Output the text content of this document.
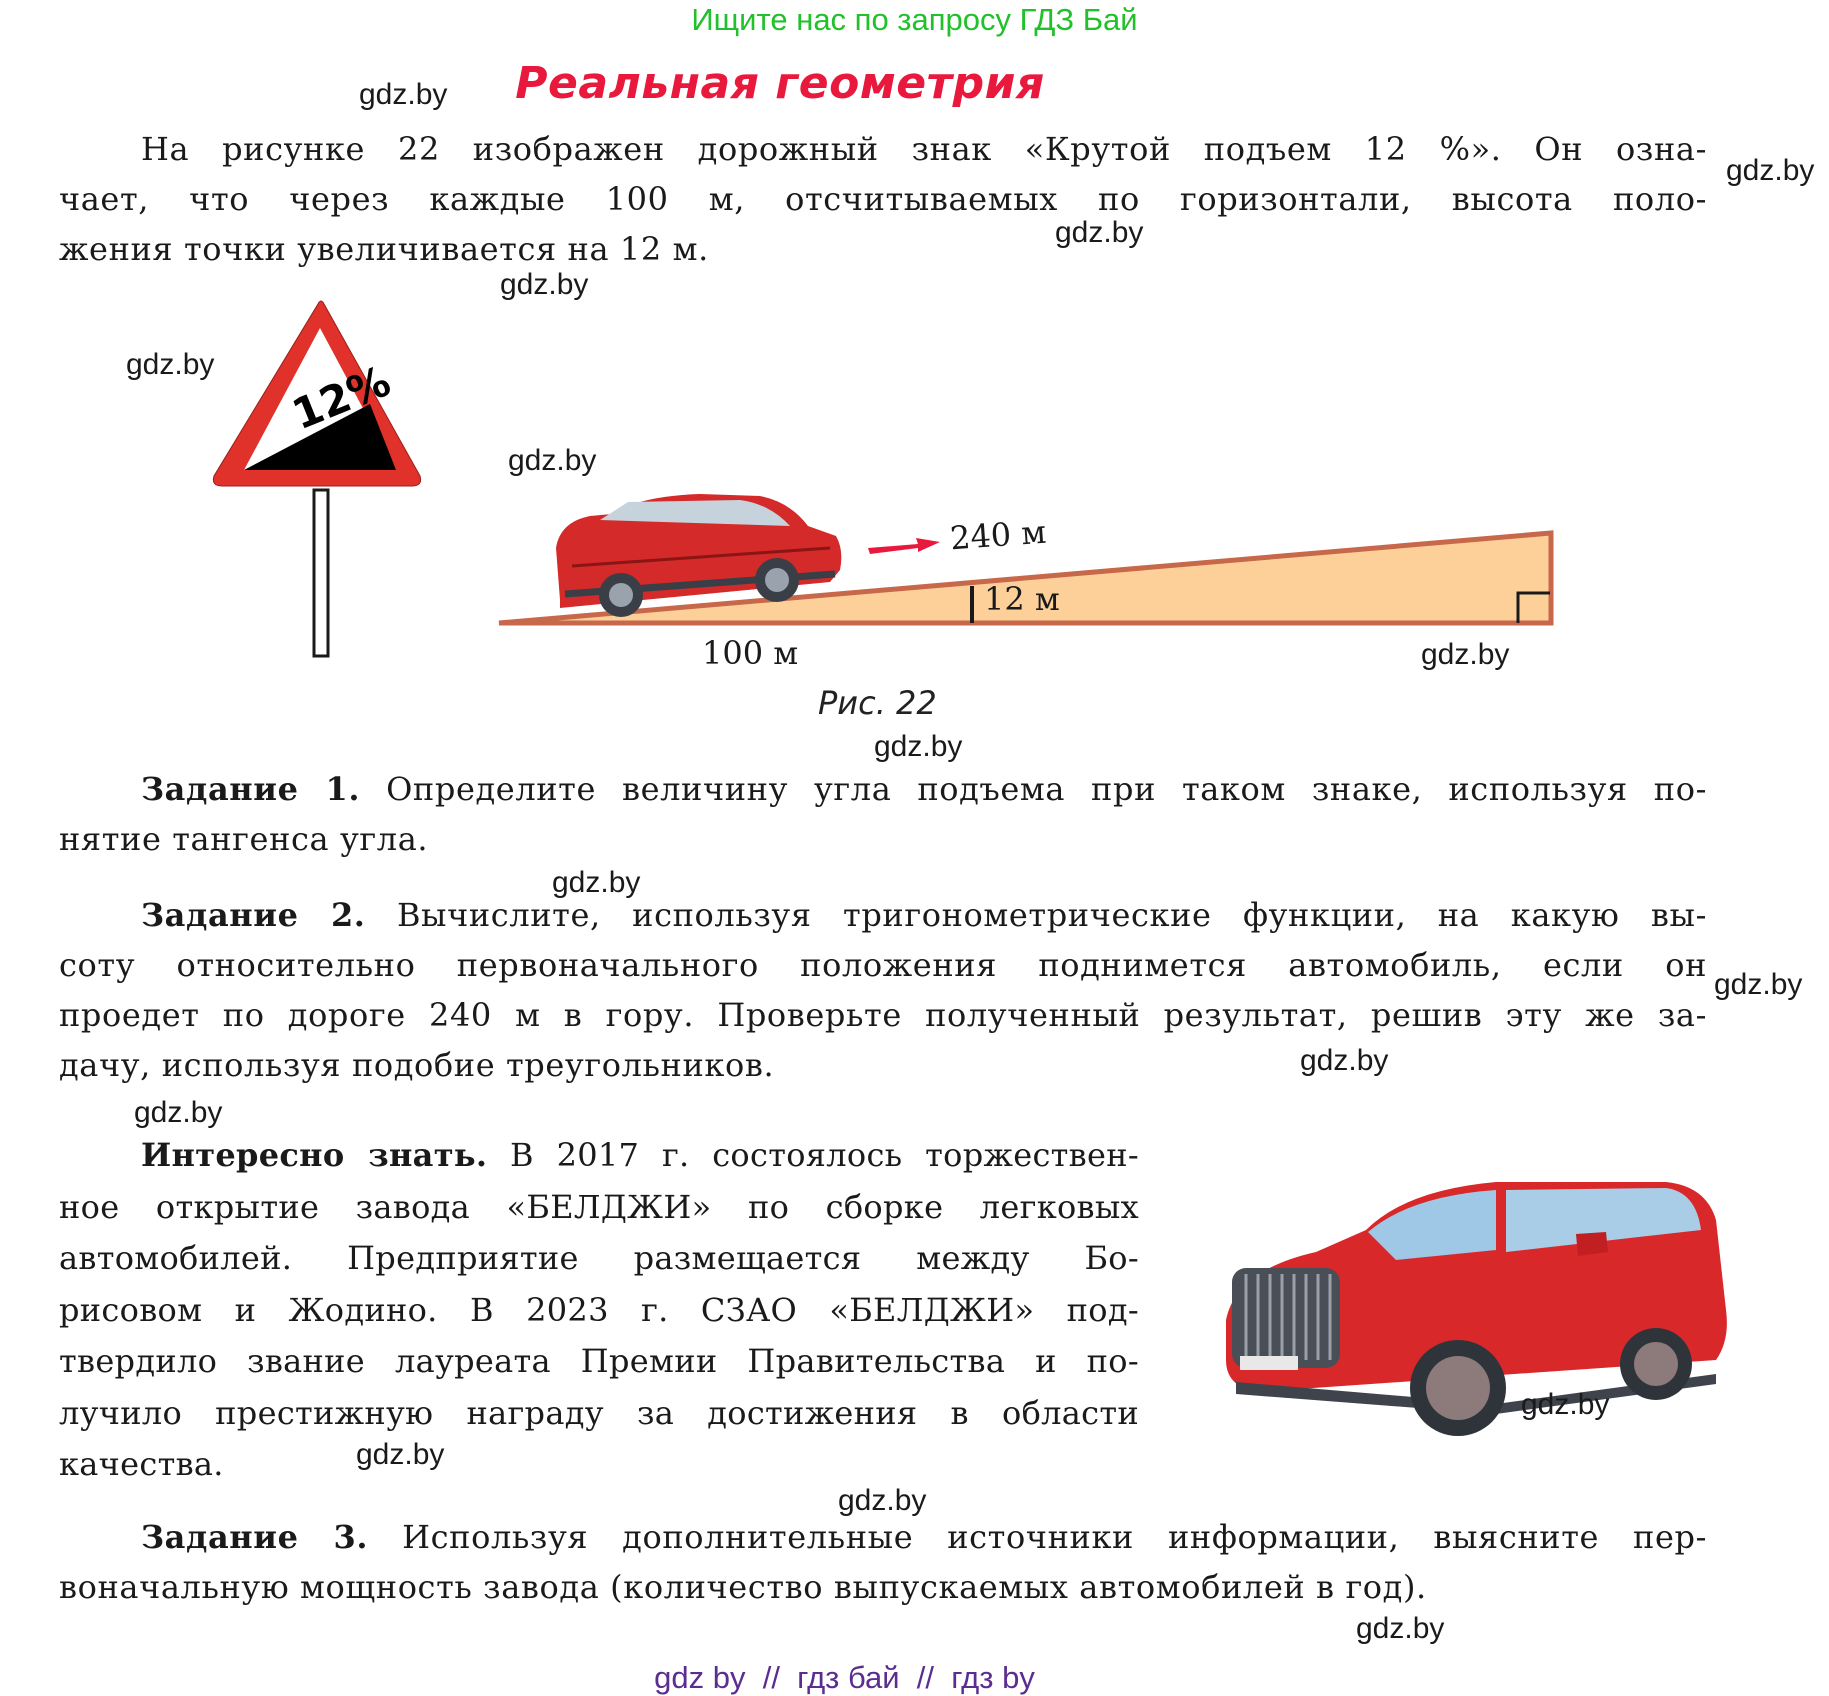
Ищите нас по запросу ГДЗ Бай
Реальная геометрия
На рисунке 22 изображен дорожный знак «Крутой подъем 12 %». Он озна-
чает, что через каждые 100 м, отсчитываемых по горизонтали, высота поло-
жения точки увеличивается на 12 м.
12%
240 м
12 м
100 м
Рис. 22
Задание 1. Определите величину угла подъема при таком знаке, используя по-
нятие тангенса угла.
Задание 2. Вычислите, используя тригонометрические функции, на какую вы-
соту относительно первоначального положения поднимется автомобиль, если он
проедет по дороге 240 м в гору. Проверьте полученный результат, решив эту же за-
дачу, используя подобие треугольников.
Интересно знать. В 2017 г. состоялось торжествен-
ное открытие завода «БЕЛДЖИ» по сборке легковых
автомобилей. Предприятие размещается между Бо-
рисовом и Жодино. В 2023 г. СЗАО «БЕЛДЖИ» под-
твердило звание лауреата Премии Правительства и по-
лучило престижную награду за достижения в области
качества.
Задание 3. Используя дополнительные источники информации, выясните пер-
воначальную мощность завода (количество выпускаемых автомобилей в год).
gdz.by
gdz.by
gdz.by
gdz.by
gdz.by
gdz.by
gdz.by
gdz.by
gdz.by
gdz.by
gdz.by
gdz.by
gdz.by
gdz.by
gdz.by
gdz.by
gdz by  //  гдз бай  //  гдз by
